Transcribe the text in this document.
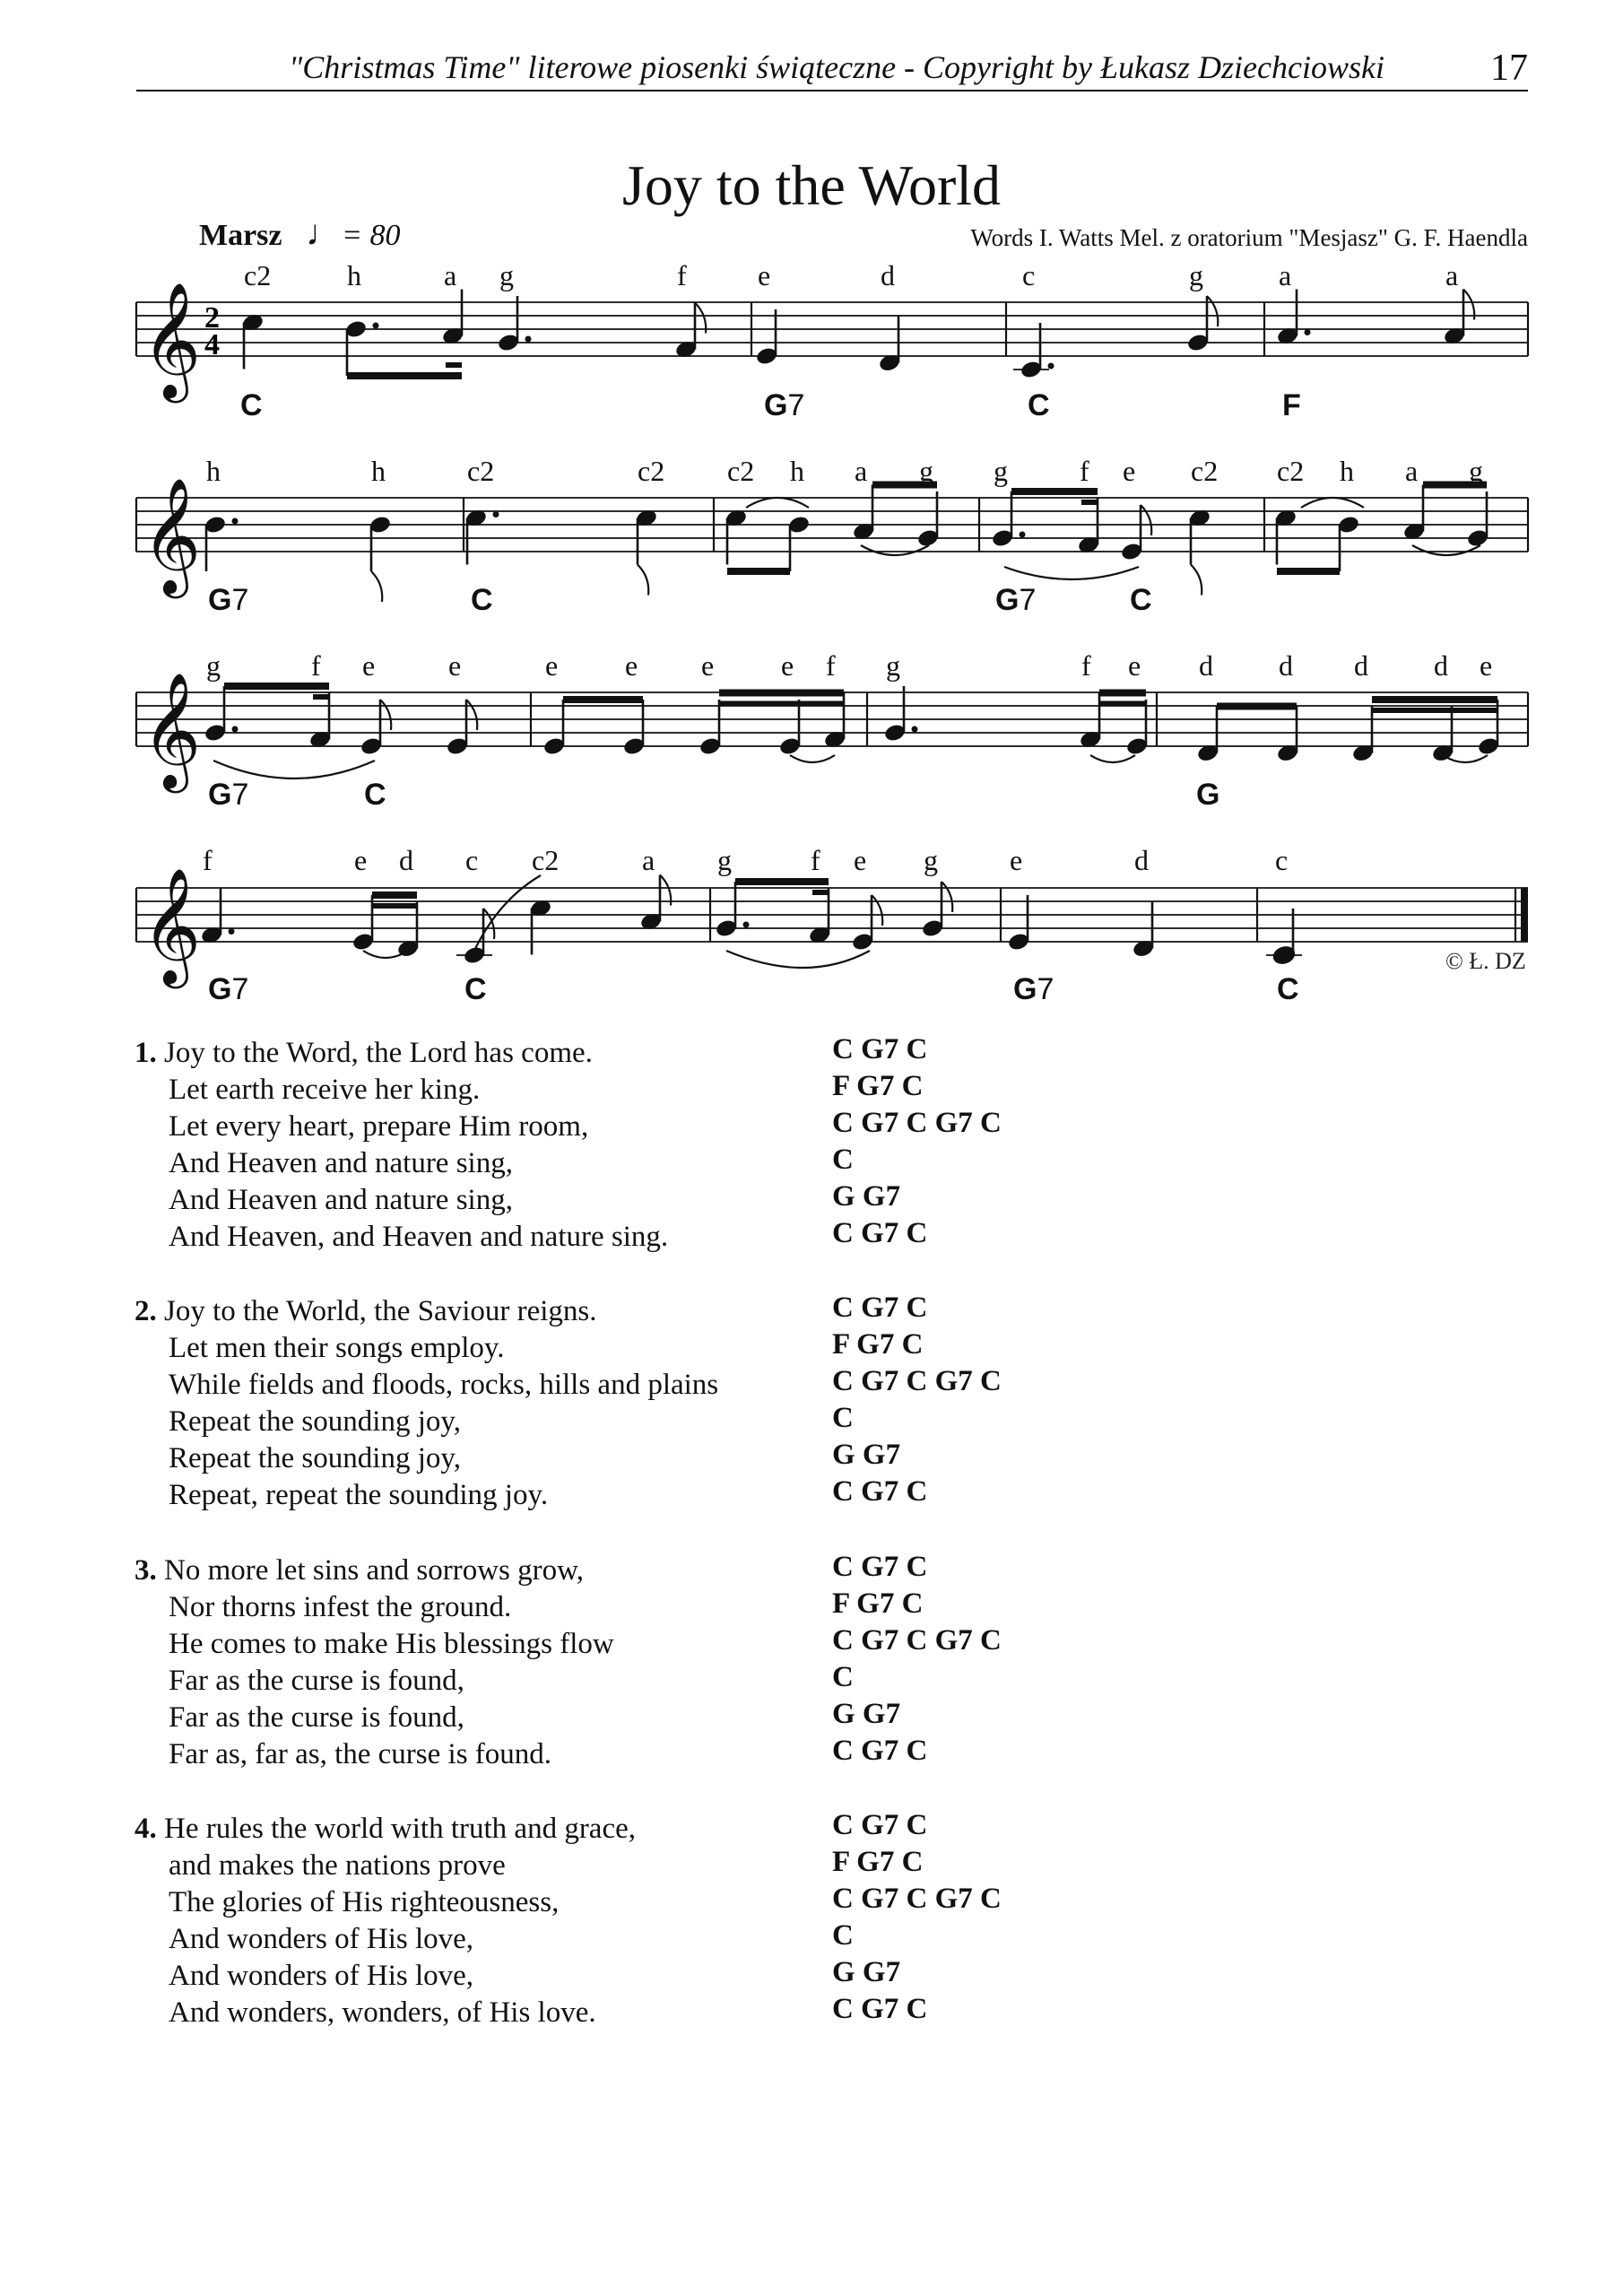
"Christmas Time" literowe piosenki świąteczne - Copyright by Łukasz Dziechciowski	17
Joy to the World
Marsz ♩= 80	Words I. Watts Mel. z oratorium "Mesjasz" G. F. Haendla
𝄞 2
4
c2	h	a g	f e	d	c	g	a	a
C	G7	C	F
𝄞
h	h	c2	c2 c2 h a g g	f e c2 c2 h a g
G7	C	G7	C
𝄞
g	f e	e	e e e e f g	f e d d d d e
G7	C	G
𝄞
f	e d c c2	a g	f e g	e	d	c
G7	C	G7	C
© Ł. DZ
1. Joy to the Word, the Lord has come.	C G7 C
Let earth receive her king.	F G7 C
Let every heart, prepare Him room,	C G7 C G7 C
And Heaven and nature sing,	C
And Heaven and nature sing,	G G7
And Heaven, and Heaven and nature sing.	C G7 C
2. Joy to the World, the Saviour reigns.	C G7 C
Let men their songs employ.	F G7 C
While fields and floods, rocks, hills and plains	C G7 C G7 C
Repeat the sounding joy,	C
Repeat the sounding joy,	G G7
Repeat, repeat the sounding joy.	C G7 C
3. No more let sins and sorrows grow,	C G7 C
Nor thorns infest the ground.	F G7 C
He comes to make His blessings flow	C G7 C G7 C
Far as the curse is found,	C
Far as the curse is found,	G G7
Far as, far as, the curse is found.	C G7 C
4. He rules the world with truth and grace,	C G7 C
and makes the nations prove	F G7 C
The glories of His righteousness,	C G7 C G7 C
And wonders of His love,	C
And wonders of His love,	G G7
And wonders, wonders, of His love.	C G7 C
